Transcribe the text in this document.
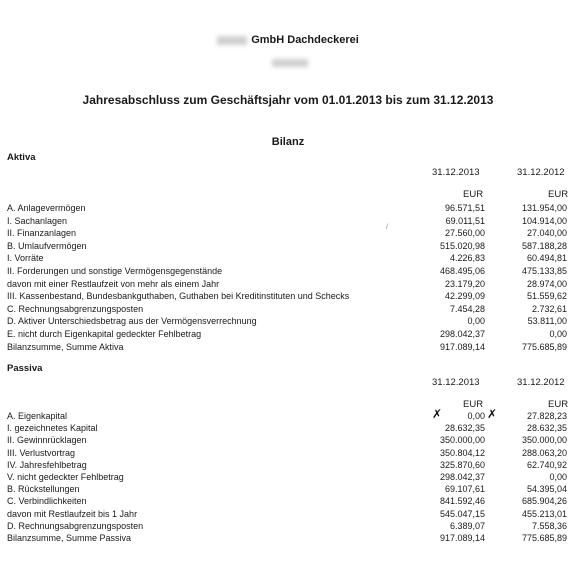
GmbH Dachdeckerei
Jahresabschluss zum Geschäftsjahr vom 01.01.2013 bis zum 31.12.2013
Bilanz
Aktiva
31.12.2013	31.12.2012
EUR	EUR
A. Anlagevermögen	96.571,51	131.954,00
I. Sachanlagen	69.011,51	104.914,00
II. Finanzanlagen	27.560,00	27.040,00
B. Umlaufvermögen	515.020,98	587.188,28
I. Vorräte	4.226,83	60.494,81
II. Forderungen und sonstige Vermögensgegenstände	468.495,06	475.133,85
davon mit einer Restlaufzeit von mehr als einem Jahr	23.179,20	28.974,00
III. Kassenbestand, Bundesbankguthaben, Guthaben bei Kreditinstituten und Schecks	42.299,09	51.559,62
C. Rechnungsabgrenzungsposten	7.454,28	2.732,61
D. Aktiver Unterschiedsbetrag aus der Vermögensverrechnung	0,00	53.811,00
E. nicht durch Eigenkapital gedeckter Fehlbetrag	298.042,37	0,00
Bilanzsumme, Summe Aktiva	917.089,14	775.685,89
Passiva
31.12.2013	31.12.2012
EUR	EUR
A. Eigenkapital	0,00	27.828,23
I. gezeichnetes Kapital	28.632,35	28.632,35
II. Gewinnrücklagen	350.000,00	350.000,00
III. Verlustvortrag	350.804,12	288.063,20
IV. Jahresfehlbetrag	325.870,60	62.740,92
V. nicht gedeckter Fehlbetrag	298.042,37	0,00
B. Rückstellungen	69.107,61	54.395,04
C. Verbindlichkeiten	841.592,46	685.904,26
davon mit Restlaufzeit bis 1 Jahr	545.047,15	455.213,01
D. Rechnungsabgrenzungsposten	6.389,07	7.558,36
Bilanzsumme, Summe Passiva	917.089,14	775.685,89
✗	✗
/
